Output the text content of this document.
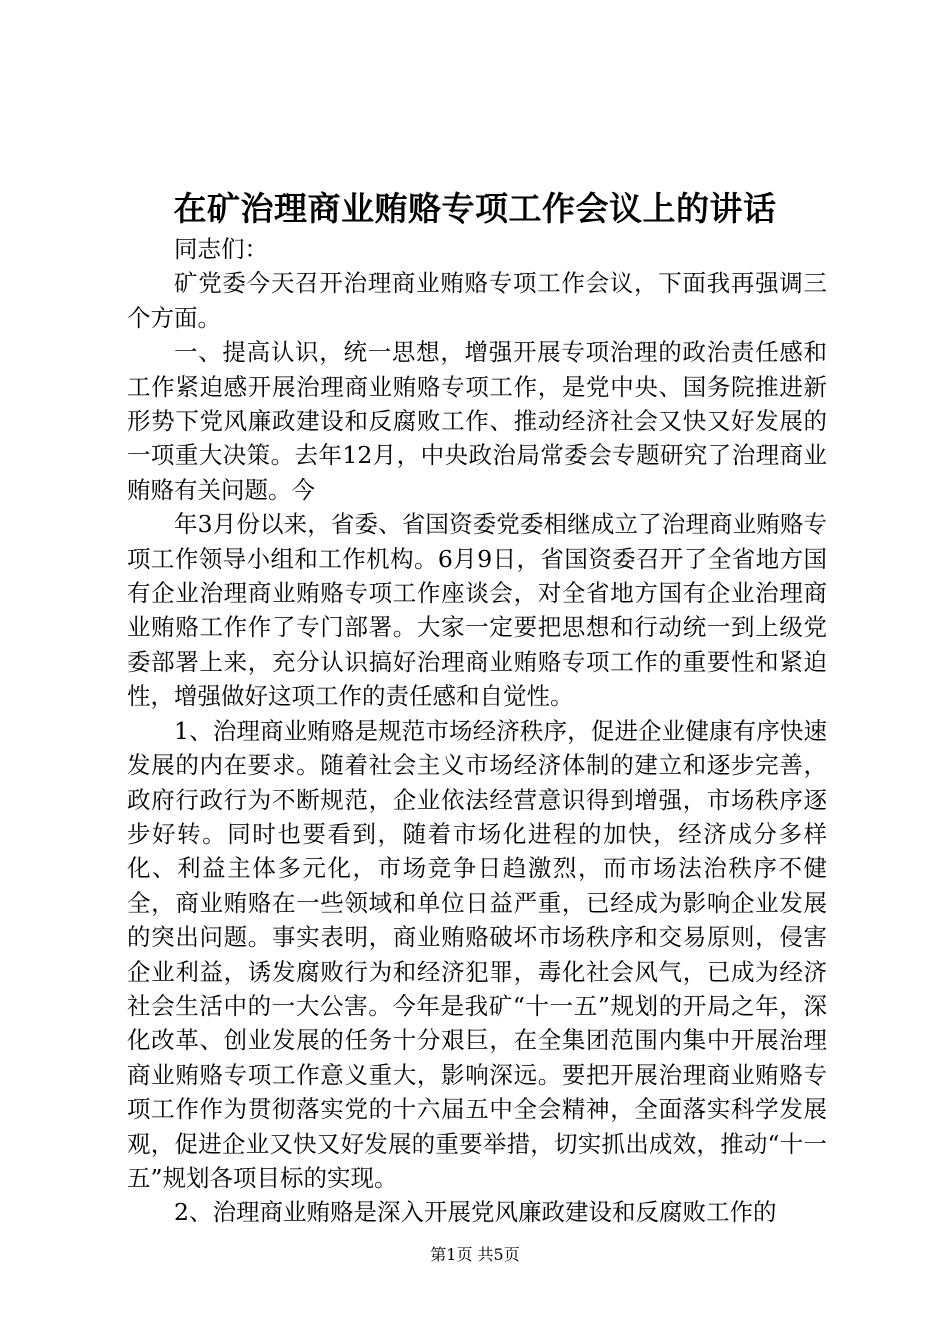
在矿治理商业贿赂专项工作会议上的讲话

同志们：

矿党委今天召开治理商业贿赂专项工作会议，下面我再强调三个方面。

一、提高认识，统一思想，增强开展专项治理的政治责任感和工作紧迫感开展治理商业贿赂专项工作，是党中央、国务院推进新形势下党风廉政建设和反腐败工作、推动经济社会又快又好发展的一项重大决策。去年12月，中央政治局常委会专题研究了治理商业贿赂有关问题。今

年3月份以来，省委、省国资委党委相继成立了治理商业贿赂专项工作领导小组和工作机构。6月9日，省国资委召开了全省地方国有企业治理商业贿赂专项工作座谈会，对全省地方国有企业治理商业贿赂工作作了专门部署。大家一定要把思想和行动统一到上级党委部署上来，充分认识搞好治理商业贿赂专项工作的重要性和紧迫性，增强做好这项工作的责任感和自觉性。

1、治理商业贿赂是规范市场经济秩序，促进企业健康有序快速发展的内在要求。随着社会主义市场经济体制的建立和逐步完善，政府行政行为不断规范，企业依法经营意识得到增强，市场秩序逐步好转。同时也要看到，随着市场化进程的加快，经济成分多样化、利益主体多元化，市场竞争日趋激烈，而市场法治秩序不健全，商业贿赂在一些领域和单位日益严重，已经成为影响企业发展的突出问题。事实表明，商业贿赂破坏市场秩序和交易原则，侵害企业利益，诱发腐败行为和经济犯罪，毒化社会风气，已成为经济社会生活中的一大公害。今年是我矿“十一五”规划的开局之年，深化改革、创业发展的任务十分艰巨，在全集团范围内集中开展治理商业贿赂专项工作意义重大，影响深远。要把开展治理商业贿赂专项工作作为贯彻落实党的十六届五中全会精神，全面落实科学发展观，促进企业又快又好发展的重要举措，切实抓出成效，推动“十一五”规划各项目标的实现。

2、治理商业贿赂是深入开展党风廉政建设和反腐败工作的

第1页 共5页
